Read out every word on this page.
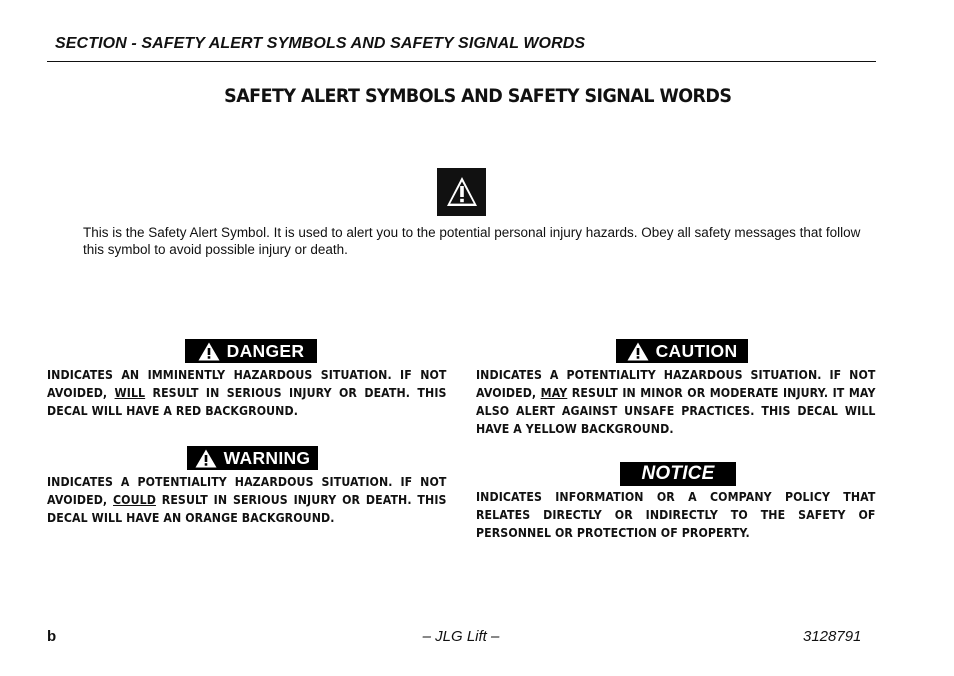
SECTION - SAFETY ALERT SYMBOLS AND SAFETY SIGNAL WORDS
SAFETY ALERT SYMBOLS AND SAFETY SIGNAL WORDS
This is the Safety Alert Symbol. It is used to alert you to the potential personal injury hazards. Obey all safety messages that follow this symbol to avoid possible injury or death.
DANGER
INDICATES AN IMMINENTLY HAZARDOUS SITUATION. IF NOT AVOIDED, WILL RESULT IN SERIOUS INJURY OR DEATH. THIS DECAL WILL HAVE A RED BACKGROUND.
WARNING
INDICATES A POTENTIALITY HAZARDOUS SITUATION. IF NOT AVOIDED, COULD RESULT IN SERIOUS INJURY OR DEATH. THIS DECAL WILL HAVE AN ORANGE BACKGROUND.
CAUTION
INDICATES A POTENTIALITY HAZARDOUS SITUATION. IF NOT AVOIDED, MAY RESULT IN MINOR OR MODERATE INJURY. IT MAY ALSO ALERT AGAINST UNSAFE PRACTICES. THIS DECAL WILL HAVE A YELLOW BACKGROUND.
NOTICE
INDICATES INFORMATION OR A COMPANY POLICY THAT RELATES DIRECTLY OR INDIRECTLY TO THE SAFETY OF PERSONNEL OR PROTECTION OF PROPERTY.
b	– JLG Lift –	3128791
